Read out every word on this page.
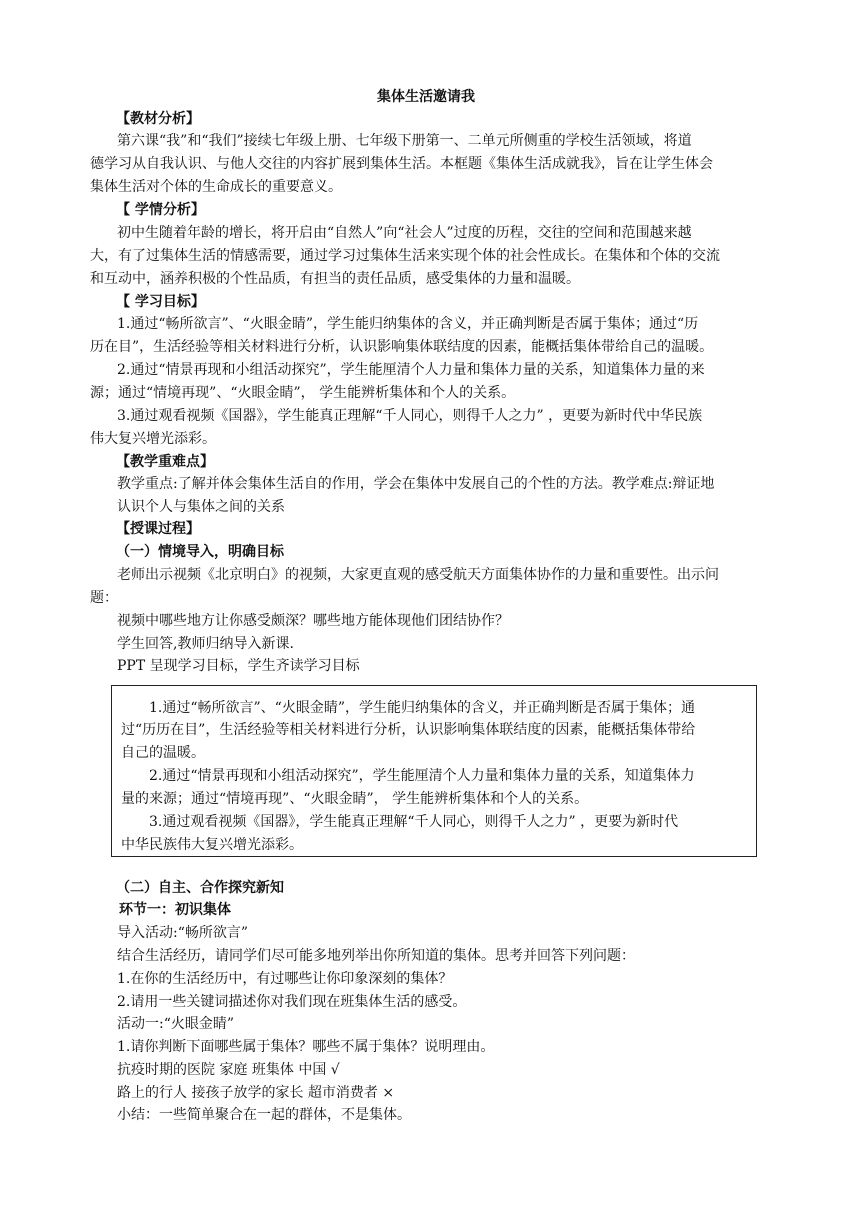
集体生活邀请我
【教材分析】
第六课“我”和“我们”接续七年级上册、七年级下册第一、二单元所侧重的学校生活领域，将道
德学习从自我认识、与他人交往的内容扩展到集体生活。本框题《集体生活成就我》，旨在让学生体会
集体生活对个体的生命成长的重要意义。
【 学情分析】
初中生随着年龄的增长，将开启由“自然人”向“社会人”过度的历程，交往的空间和范围越来越
大，有了过集体生活的情感需要，通过学习过集体生活来实现个体的社会性成长。在集体和个体的交流
和互动中，涵养积极的个性品质，有担当的责任品质，感受集体的力量和温暖。
【 学习目标】
1.通过“畅所欲言”、“火眼金睛”，学生能归纳集体的含义，并正确判断是否属于集体；通过“历
历在目”，生活经验等相关材料进行分析，认识影响集体联结度的因素，能概括集体带给自己的温暖。
2.通过“情景再现和小组活动探究”，学生能厘清个人力量和集体力量的关系，知道集体力量的来
源；通过“情境再现”、“火眼金睛”， 学生能辨析集体和个人的关系。
3.通过观看视频《国器》，学生能真正理解“千人同心，则得千人之力” ，更要为新时代中华民族
伟大复兴增光添彩。
【教学重难点】
教学重点:了解并体会集体生活自的作用，学会在集体中发展自己的个性的方法。教学难点:辩证地
认识个人与集体之间的关系
【授课过程】
（一）情境导入，明确目标
老师出示视频《北京明白》的视频，大家更直观的感受航天方面集体协作的力量和重要性。出示问
题：
视频中哪些地方让你感受颇深？哪些地方能体现他们团结协作？
学生回答,教师归纳导入新课.
PPT 呈现学习目标，学生齐读学习目标
1.通过“畅所欲言”、“火眼金睛”，学生能归纳集体的含义，并正确判断是否属于集体；通
过“历历在目”，生活经验等相关材料进行分析，认识影响集体联结度的因素，能概括集体带给
自己的温暖。
2.通过“情景再现和小组活动探究”，学生能厘清个人力量和集体力量的关系，知道集体力
量的来源；通过“情境再现”、“火眼金睛”， 学生能辨析集体和个人的关系。
3.通过观看视频《国器》，学生能真正理解“千人同心，则得千人之力” ，更要为新时代
中华民族伟大复兴增光添彩。
（二）自主、合作探究新知
环节一：初识集体
导入活动:“畅所欲言”
结合生活经历，请同学们尽可能多地列举出你所知道的集体。思考并回答下列问题：
1.在你的生活经历中，有过哪些让你印象深刻的集体？
2.请用一些关键词描述你对我们现在班集体生活的感受。
活动一:“火眼金睛”
1.请你判断下面哪些属于集体？哪些不属于集体？说明理由。
抗疫时期的医院 家庭 班集体 中国 √
路上的行人 接孩子放学的家长 超市消费者 ×
小结：一些简单聚合在一起的群体，不是集体。
